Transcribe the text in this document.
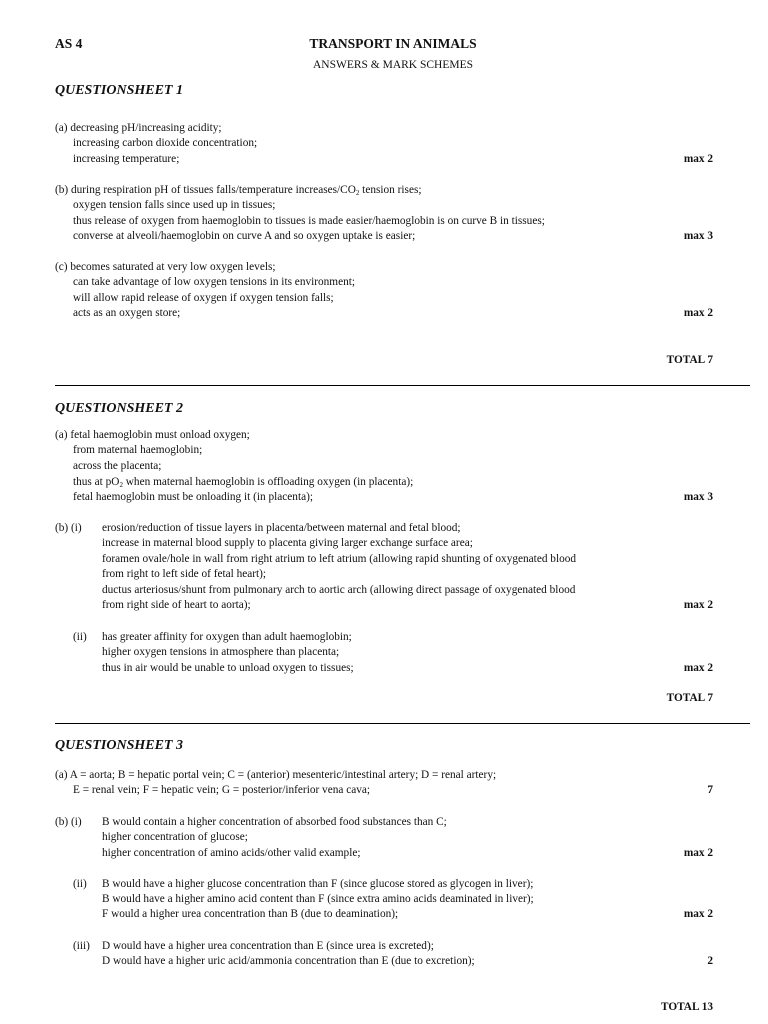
AS 4	TRANSPORT IN ANIMALS
ANSWERS & MARK SCHEMES
QUESTIONSHEET 1
(a) decreasing pH/increasing acidity;
increasing carbon dioxide concentration;
increasing temperature;	max 2
(b) during respiration pH of tissues falls/temperature increases/$CO_2$ tension rises;
oxygen tension falls since used up in tissues;
thus release of oxygen from haemoglobin to tissues is made easier/haemoglobin is on curve B in tissues;
converse at alveoli/haemoglobin on curve A and so oxygen uptake is easier;	max 3
(c) becomes saturated at very low oxygen levels;
can take advantage of low oxygen tensions in its environment;
will allow rapid release of oxygen if oxygen tension falls;
acts as an oxygen store;	max 2
TOTAL 7
QUESTIONSHEET 2
(a) fetal haemoglobin must onload oxygen;
from maternal haemoglobin;
across the placenta;
thus at $pO_2$ when maternal haemoglobin is offloading oxygen (in placenta);
fetal haemoglobin must be onloading it (in placenta);	max 3
(b) (i) erosion/reduction of tissue layers in placenta/between maternal and fetal blood;
increase in maternal blood supply to placenta giving larger exchange surface area;
foramen ovale/hole in wall from right atrium to left atrium (allowing rapid shunting of oxygenated blood
from right to left side of fetal heart);
ductus arteriosus/shunt from pulmonary arch to aortic arch (allowing direct passage of oxygenated blood
from right side of heart to aorta);	max 2
(ii) has greater affinity for oxygen than adult haemoglobin;
higher oxygen tensions in atmosphere than placenta;
thus in air would be unable to unload oxygen to tissues;	max 2
TOTAL 7
QUESTIONSHEET 3
(a) A = aorta; B = hepatic portal vein; C = (anterior) mesenteric/intestinal artery; D = renal artery;
E = renal vein; F = hepatic vein; G = posterior/inferior vena cava;	7
(b) (i) B would contain a higher concentration of absorbed food substances than C;
higher concentration of glucose;
higher concentration of amino acids/other valid example;	max 2
(ii) B would have a higher glucose concentration than F (since glucose stored as glycogen in liver);
B would have a higher amino acid content than F (since extra amino acids deaminated in liver);
F would a higher urea concentration than B (due to deamination);	max 2
(iii) D would have a higher urea concentration than E (since urea is excreted);
D would have a higher uric acid/ammonia concentration than E (due to excretion);	2
TOTAL 13
